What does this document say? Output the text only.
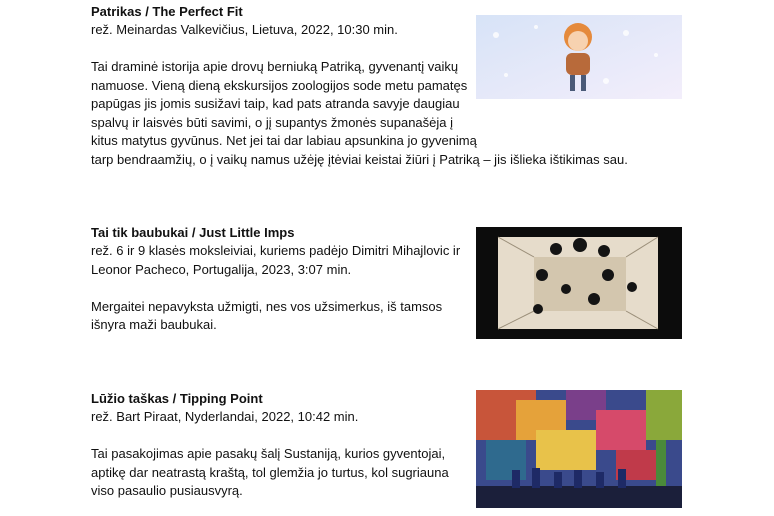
Patrikas / The Perfect Fit
rež. Meinardas Valkevičius, Lietuva, 2022, 10:30 min.
Tai draminė istorija apie drovų berniuką Patriką, gyvenantį vaikų namuose. Vieną dieną ekskursijos zoologijos sode metu pamatęs papūgas jis jomis susižavi taip, kad pats atranda savyje daugiau spalvų ir laisvės būti savimi, o jį supantys žmonės supanašėja į kitus matytus gyvūnus. Net jei tai dar labiau apsunkina jo gyvenimą tarp bendraamžių, o į vaikų namus užėję įtėviai keistai žiūri į Patriką – jis išlieka ištikimas sau.
Tai tik baubukai / Just Little Imps
rež. 6 ir 9 klasės moksleiviai, kuriems padėjo Dimitri Mihajlovic ir Leonor Pacheco, Portugalija, 2023, 3:07 min.
Mergaitei nepavyksta užmigti, nes vos užsimerkus, iš tamsos išnyra maži baubukai.
Lūžio taškas / Tipping Point
rež. Bart Piraat, Nyderlandai, 2022, 10:42 min.
Tai pasakojimas apie pasakų šalį Sustaniją, kurios gyventojai, aptikę dar neatrastą kraštą, tol glemžia jo turtus, kol sugriauna viso pasaulio pusiausvyrą.
